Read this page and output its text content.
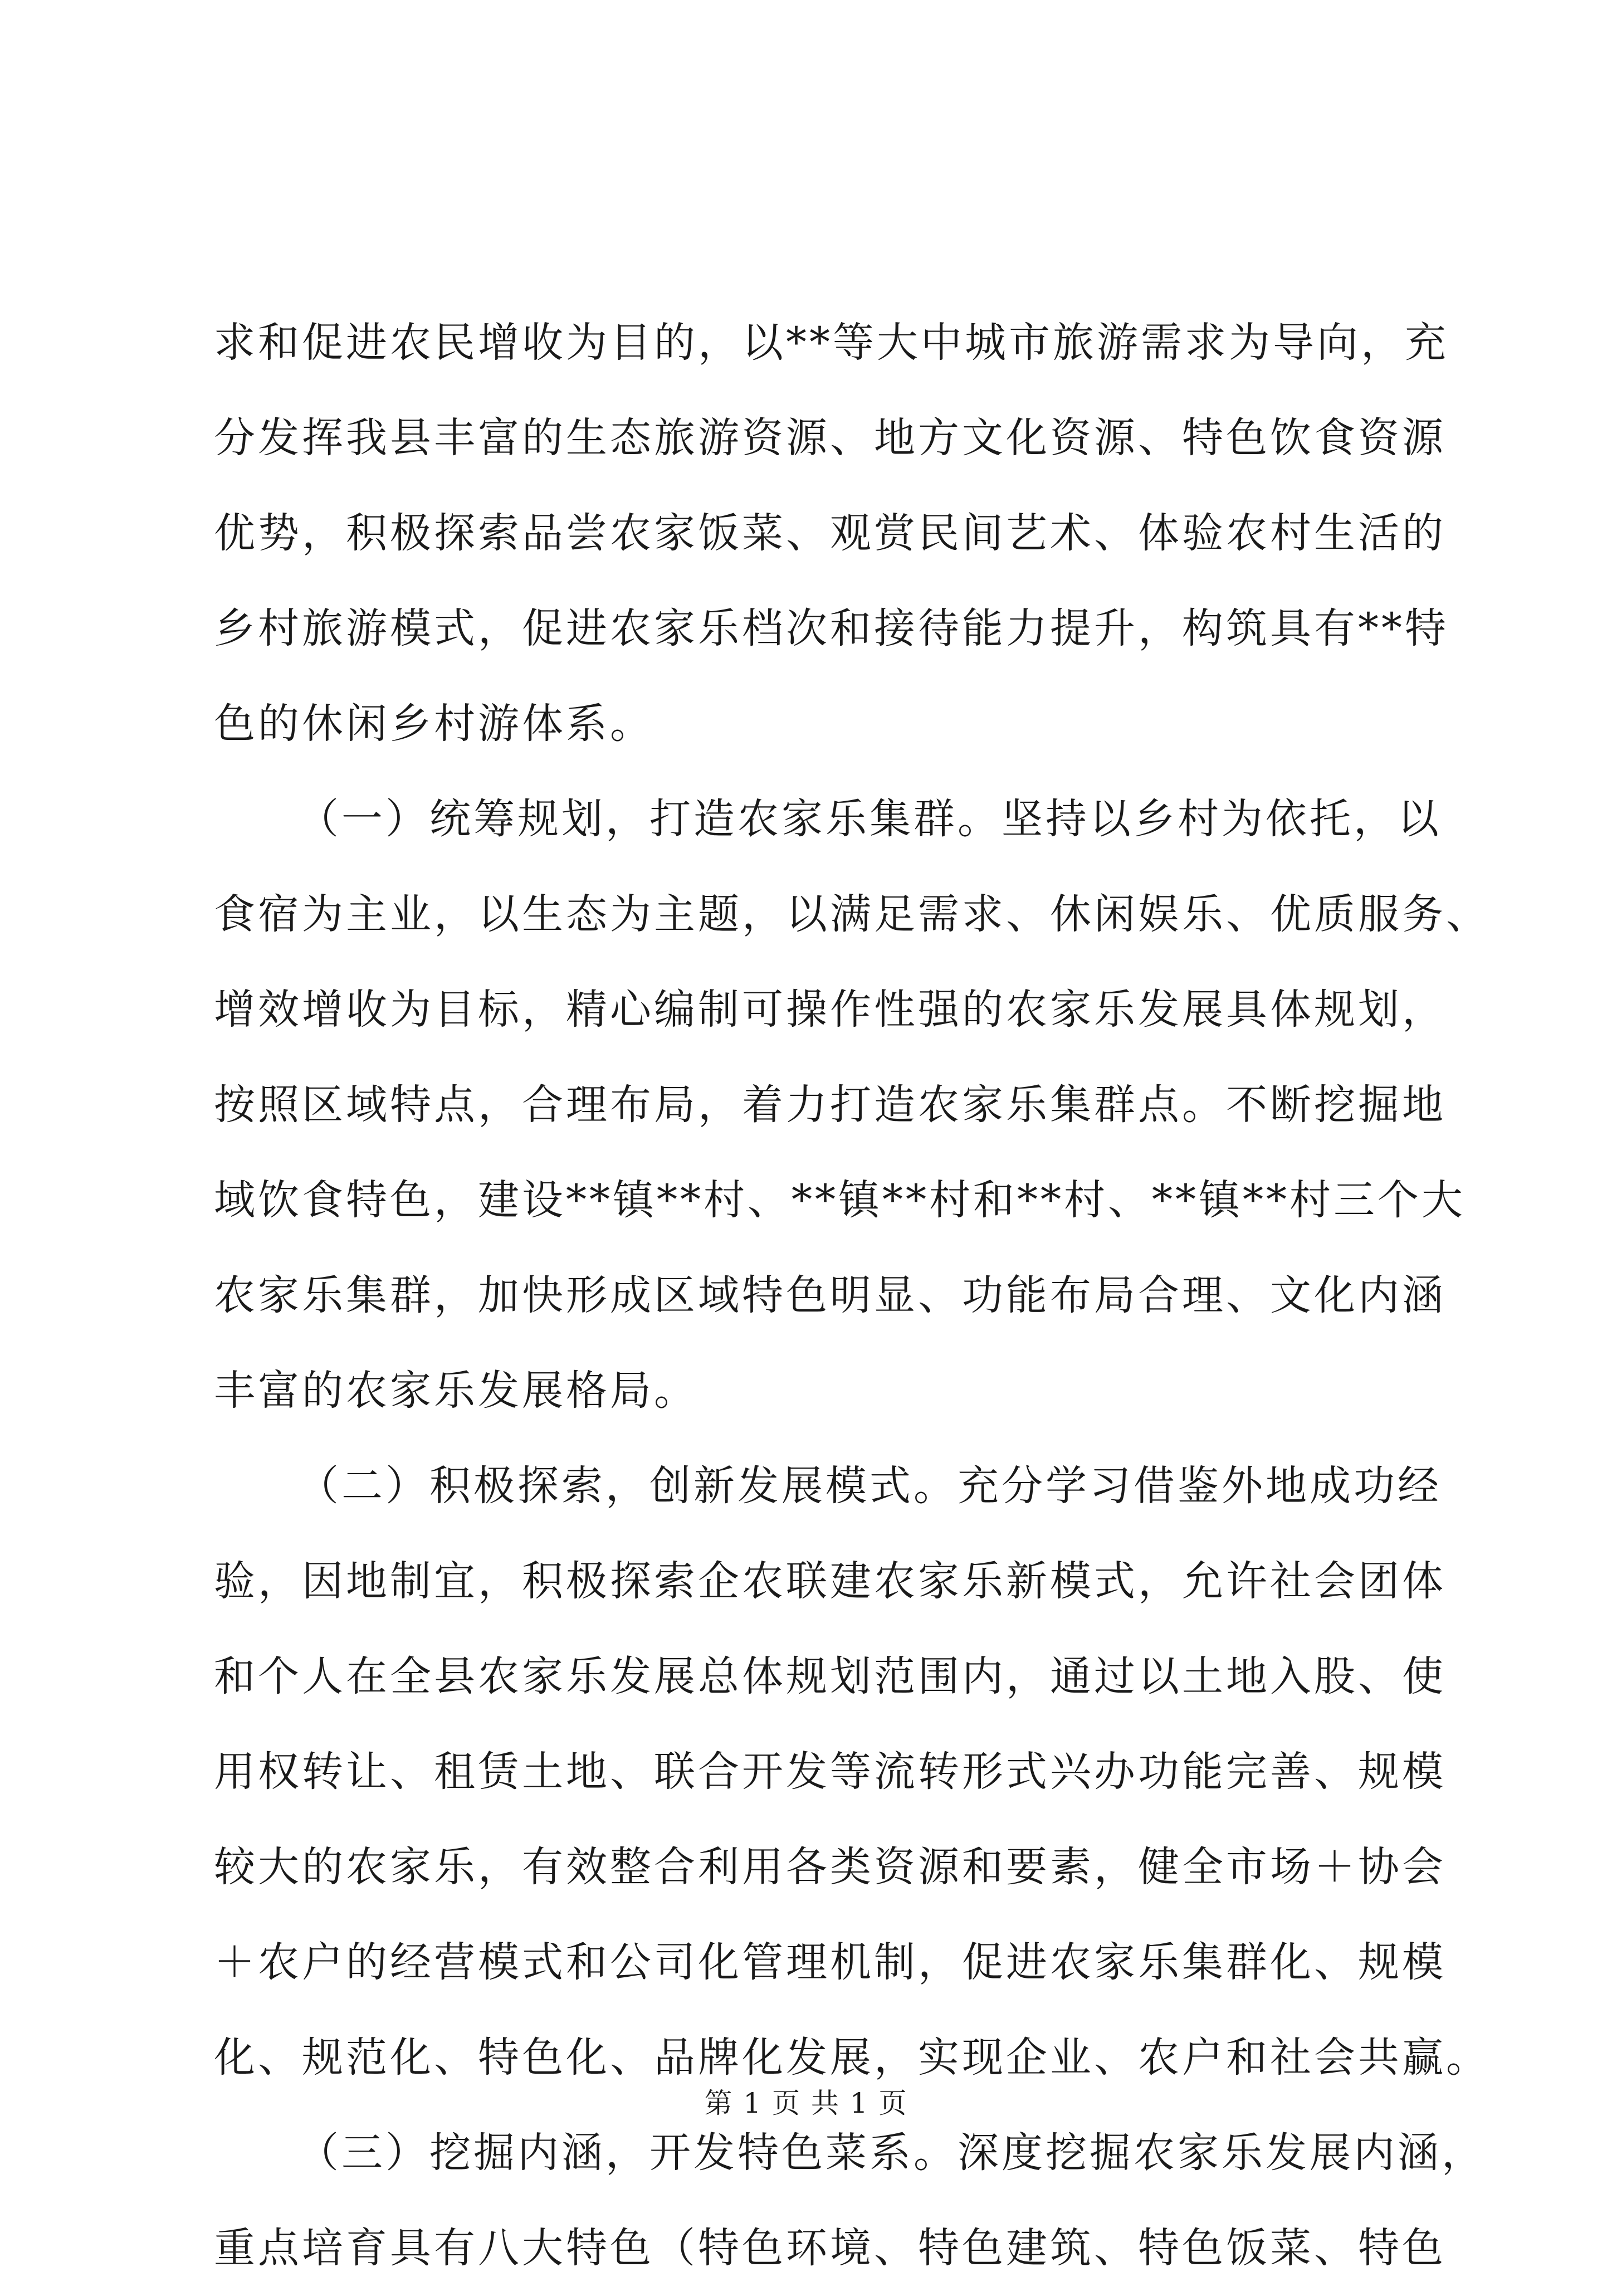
求和促进农民增收为目的，以**等大中城市旅游需求为导向，充
分发挥我县丰富的生态旅游资源、地方文化资源、特色饮食资源
优势，积极探索品尝农家饭菜、观赏民间艺术、体验农村生活的
乡村旅游模式，促进农家乐档次和接待能力提升，构筑具有**特
色的休闲乡村游体系。
（一）统筹规划，打造农家乐集群。坚持以乡村为依托，以
食宿为主业，以生态为主题，以满足需求、休闲娱乐、优质服务、
增效增收为目标，精心编制可操作性强的农家乐发展具体规划，
按照区域特点，合理布局，着力打造农家乐集群点。不断挖掘地
域饮食特色，建设**镇**村、**镇**村和**村、**镇**村三个大
农家乐集群，加快形成区域特色明显、功能布局合理、文化内涵
丰富的农家乐发展格局。
（二）积极探索，创新发展模式。充分学习借鉴外地成功经
验，因地制宜，积极探索企农联建农家乐新模式，允许社会团体
和个人在全县农家乐发展总体规划范围内，通过以土地入股、使
用权转让、租赁土地、联合开发等流转形式兴办功能完善、规模
较大的农家乐，有效整合利用各类资源和要素，健全市场＋协会
＋农户的经营模式和公司化管理机制，促进农家乐集群化、规模
化、规范化、特色化、品牌化发展，实现企业、农户和社会共赢。
（三）挖掘内涵，开发特色菜系。深度挖掘农家乐发展内涵，
重点培育具有八大特色（特色环境、特色建筑、特色饭菜、特色
第 1 页 共 1 页
